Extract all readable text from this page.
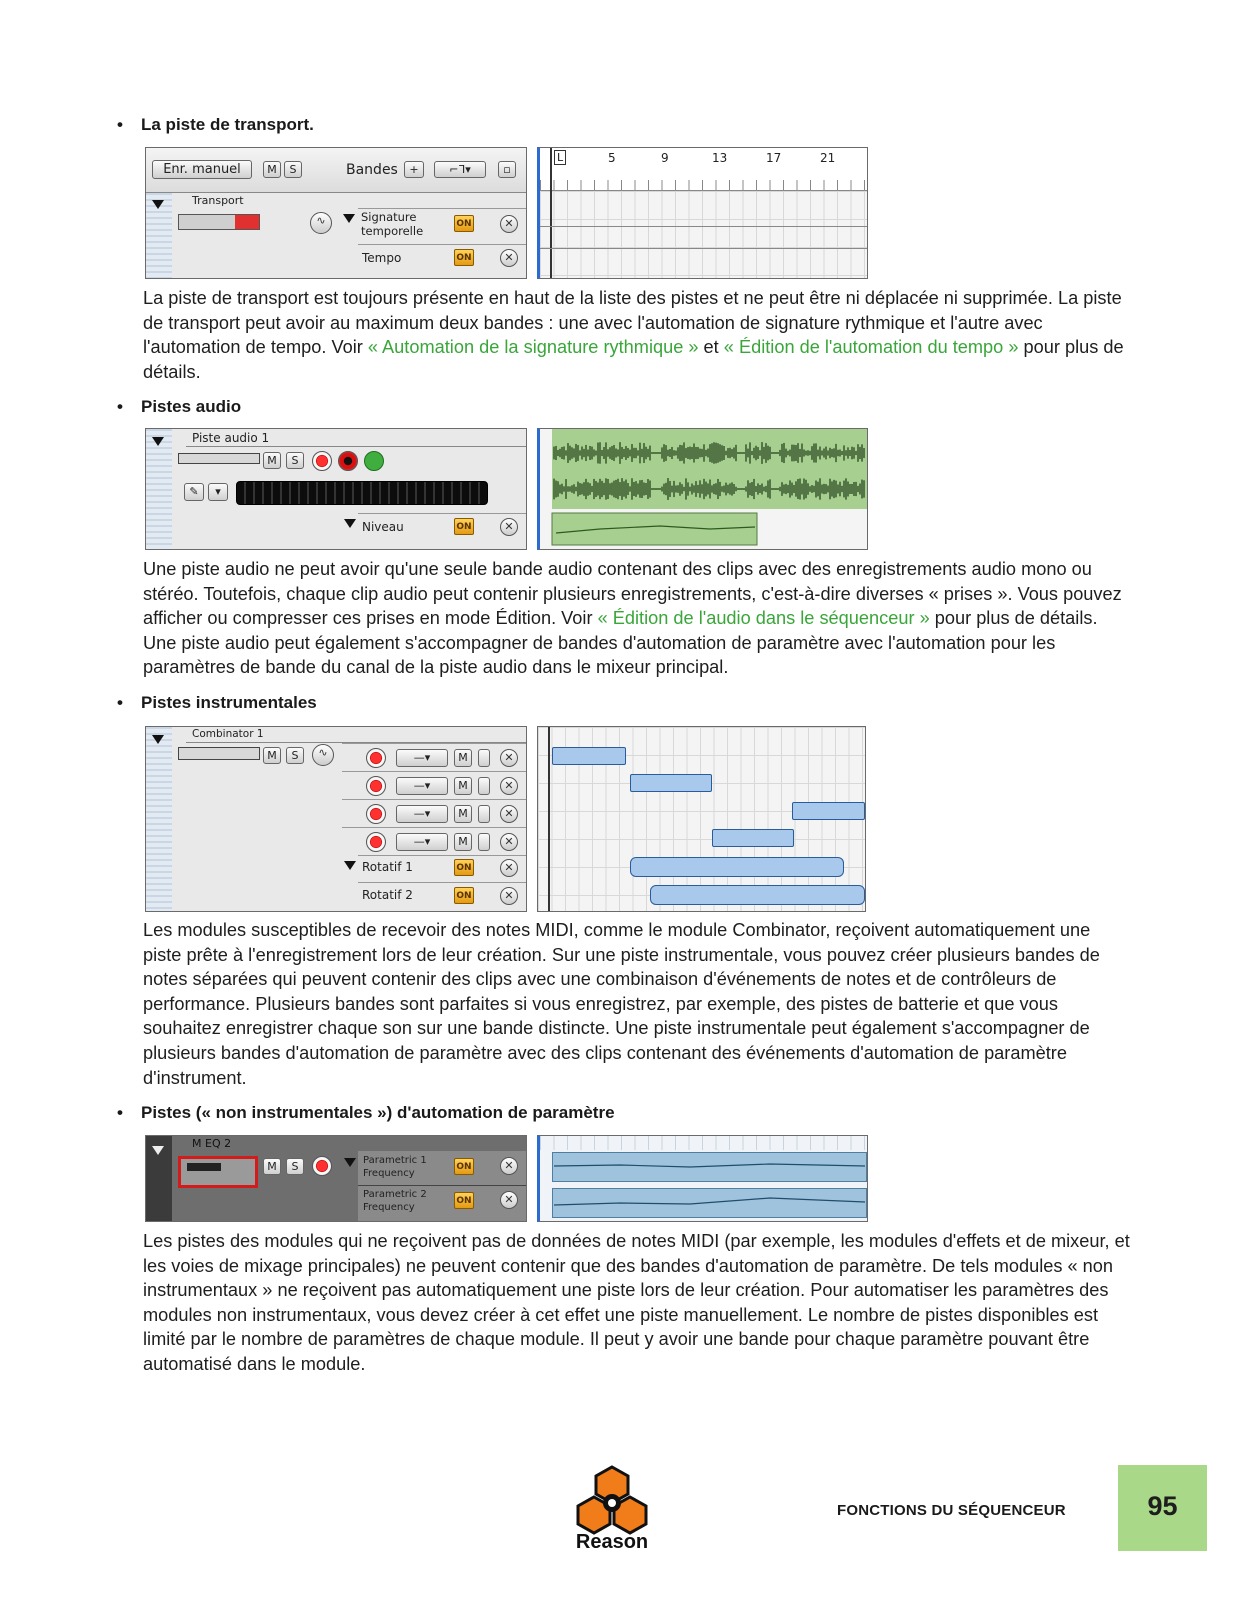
• La piste de transport.
Enr. manuel	M	S	Bandes	+	⌐ᒣ▾	▫
Transport
∿	Signature
temporelle	ON	✕
Tempo	ON	✕
L	5	9	13	17	21
La piste de transport est toujours présente en haut de la liste des pistes et ne peut être ni déplacée ni supprimée. La piste de transport peut avoir au maximum deux bandes : une avec l'automation de signature rythmique et l'autre avec l'automation de tempo. Voir « Automation de la signature rythmique » et « Édition de l'automation du tempo » pour plus de détails.
• Pistes audio
Piste audio 1
M	S
✎	▾
Niveau	ON	✕
Une piste audio ne peut avoir qu'une seule bande audio contenant des clips avec des enregistrements audio mono ou stéréo. Toutefois, chaque clip audio peut contenir plusieurs enregistrements, c'est-à-dire diverses « prises ». Vous pouvez afficher ou compresser ces prises en mode Édition. Voir « Édition de l'audio dans le séquenceur » pour plus de détails. Une piste audio peut également s'accompagner de bandes d'automation de paramètre avec l'automation pour les paramètres de bande du canal de la piste audio dans le mixeur principal.
• Pistes instrumentales
Combinator 1
M	S	∿	—▾	M	✕
—▾	M	✕
—▾	M	✕
—▾	M	✕
Rotatif 1	ON	✕
Rotatif 2	ON	✕
Les modules susceptibles de recevoir des notes MIDI, comme le module Combinator, reçoivent automatiquement une piste prête à l'enregistrement lors de leur création. Sur une piste instrumentale, vous pouvez créer plusieurs bandes de notes séparées qui peuvent contenir des clips avec une combinaison d'événements de notes et de contrôleurs de performance. Plusieurs bandes sont parfaites si vous enregistrez, par exemple, des pistes de batterie et que vous souhaitez enregistrer chaque son sur une bande distincte. Une piste instrumentale peut également s'accompagner de plusieurs bandes d'automation de paramètre avec des clips contenant des événements d'automation de paramètre d'instrument.
• Pistes (« non instrumentales ») d'automation de paramètre
M EQ 2
M	S	Parametric 1
Frequency
ON	✕
Parametric 2
Frequency
ON	✕
Les pistes des modules qui ne reçoivent pas de données de notes MIDI (par exemple, les modules d'effets et de mixeur, et les voies de mixage principales) ne peuvent contenir que des bandes d'automation de paramètre. De tels modules « non instrumentaux » ne reçoivent pas automatiquement une piste lors de leur création. Pour automatiser les paramètres des modules non instrumentaux, vous devez créer à cet effet une piste manuellement. Le nombre de pistes disponibles est limité par le nombre de paramètres de chaque module. Il peut y avoir une bande pour chaque paramètre pouvant être automatisé dans le module.
Reason
FONCTIONS DU SÉQUENCEUR	95
